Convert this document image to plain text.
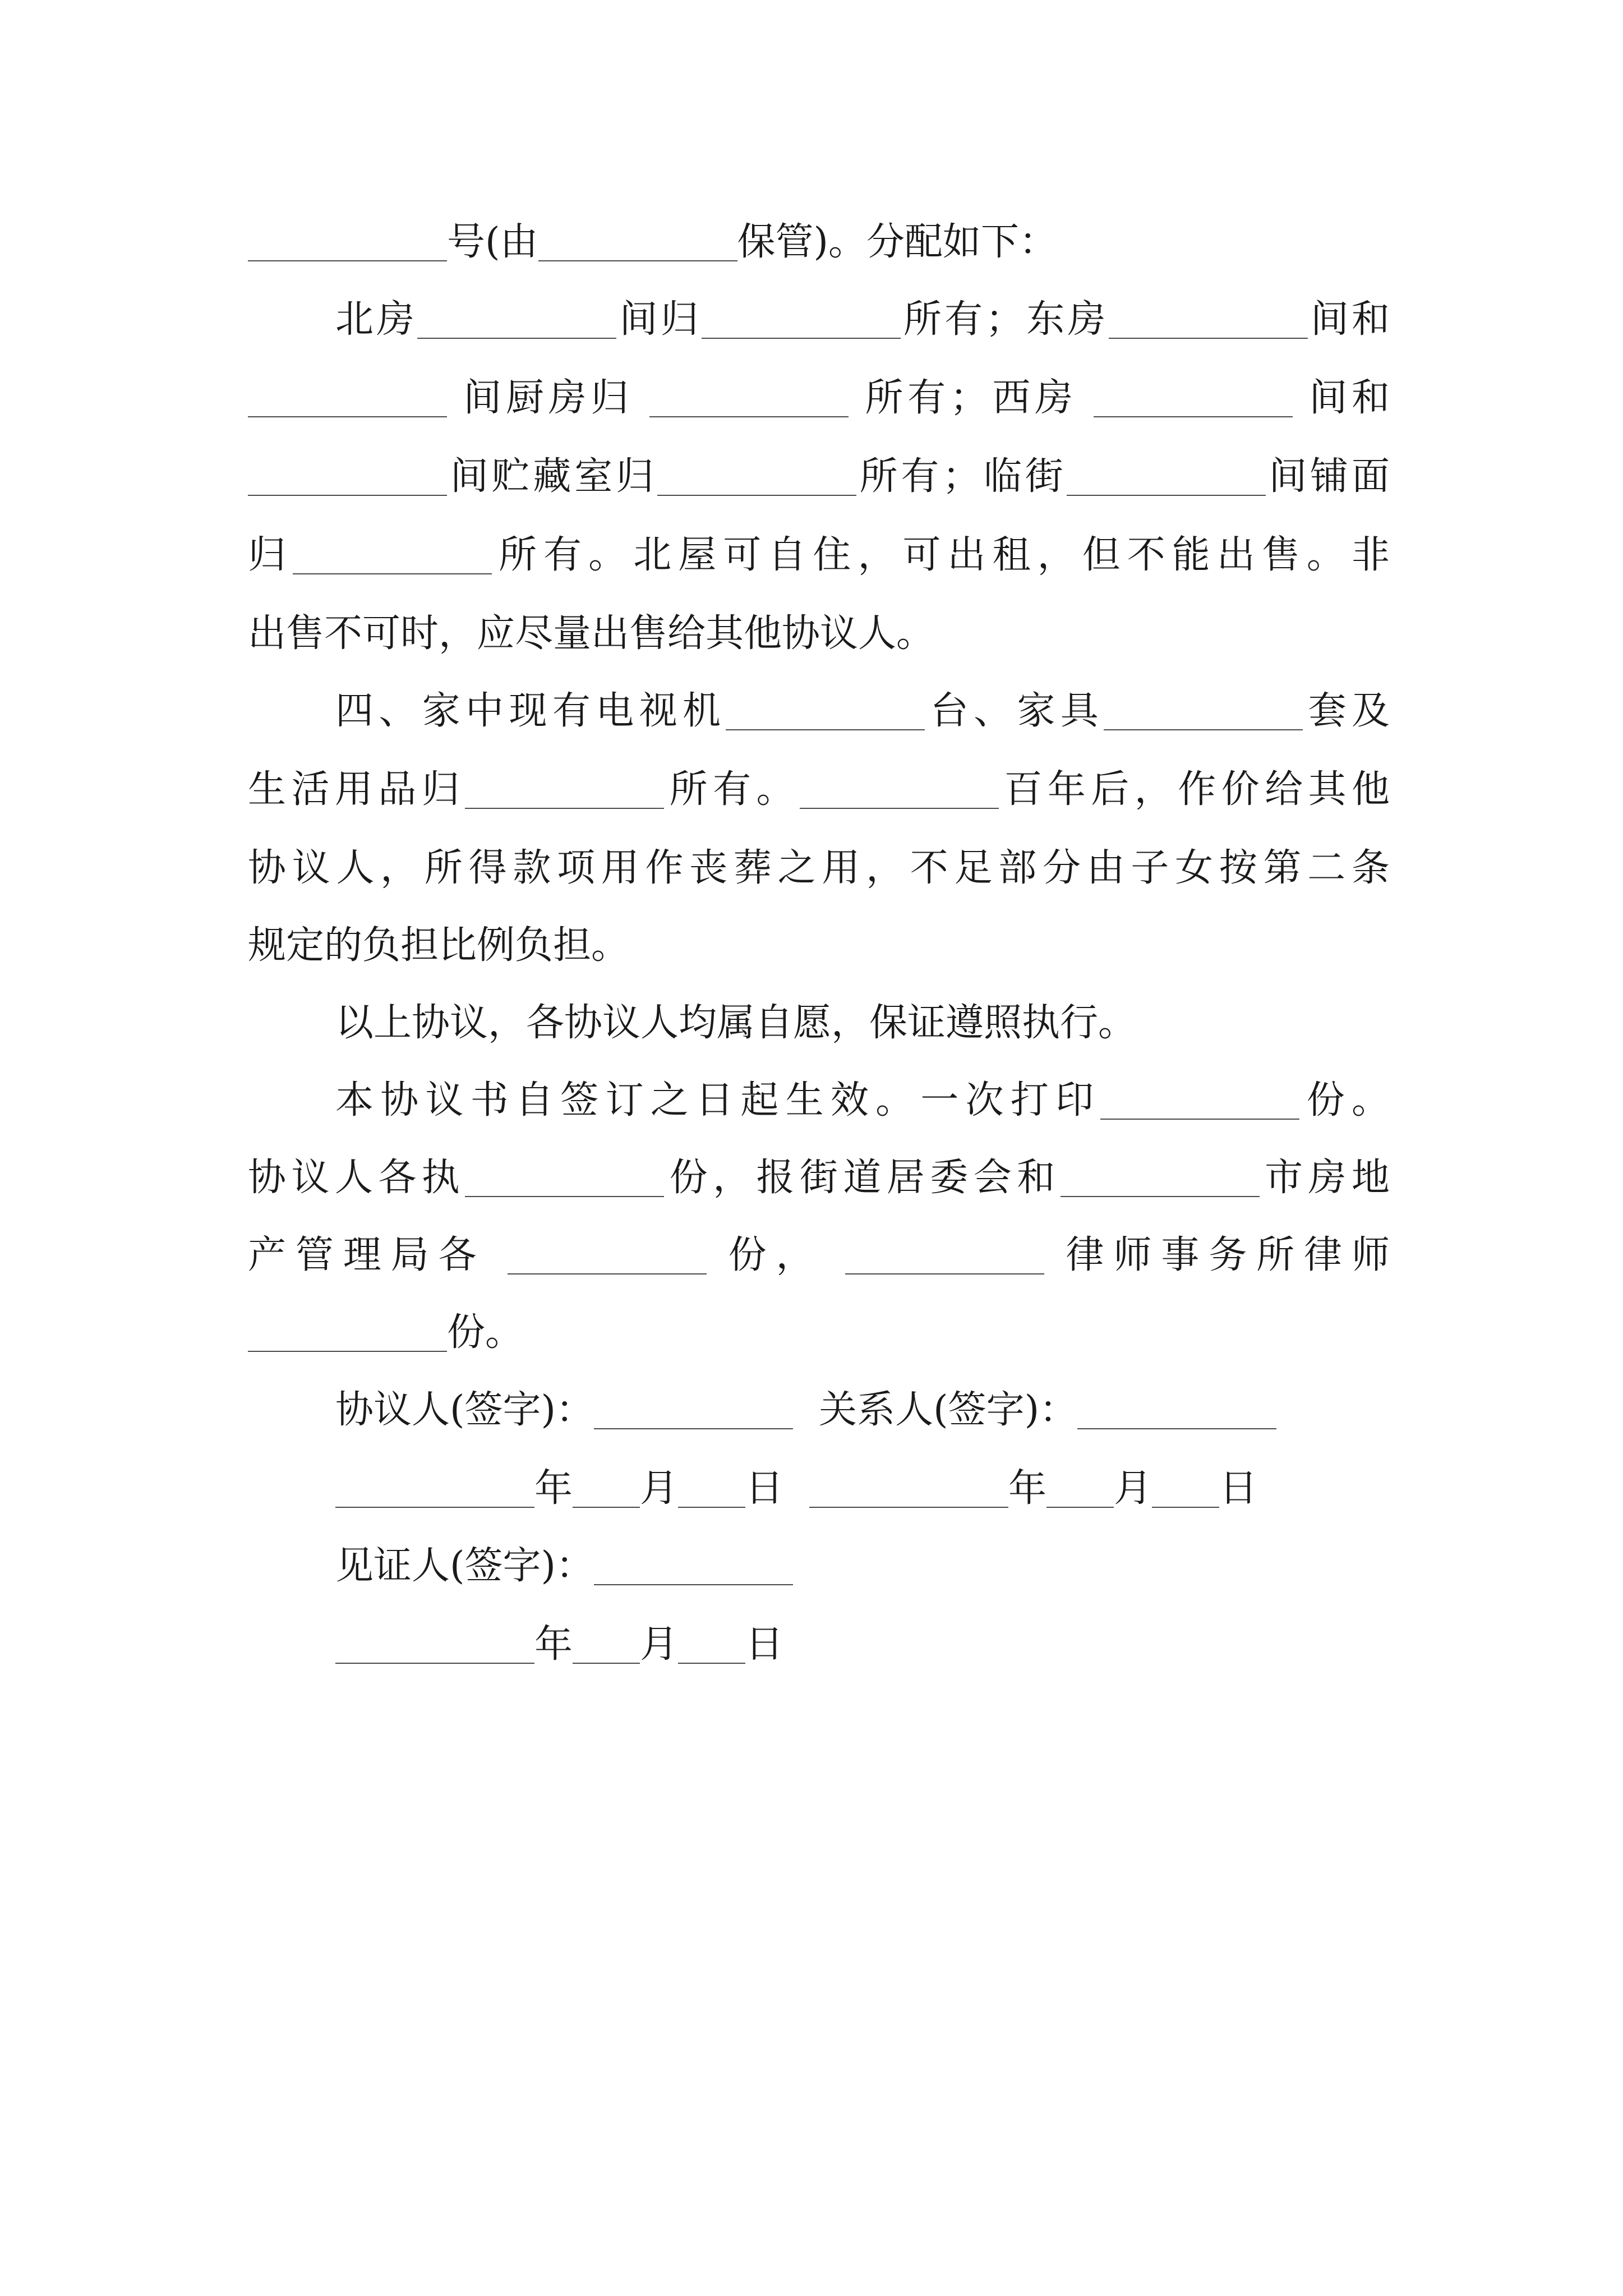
号(由	保管)。分配如下：

北房	间归	所有；东房	间和

间厨房归	所有；西房	间和

间贮藏室归	所有；临街	间铺面

归	所有。北屋可自住，可出租，但不能出售。非

出售不可时，应尽量出售给其他协议人。

四、家中现有电视机	台、家具	套及

生活用品归	所有。	百年后，作价给其他

协议人，所得款项用作丧葬之用，不足部分由子女按第二条

规定的负担比例负担。

以上协议，各协议人均属自愿，保证遵照执行。

本协议书自签订之日起生效。一次打印	份。

协议人各执	份，报街道居委会和	市房地

产管理局各	份，	律师事务所律师

份。

协议人(签字)：	关系人(签字)：

年 月 日	年 月 日

见证人(签字)：

年 月 日
